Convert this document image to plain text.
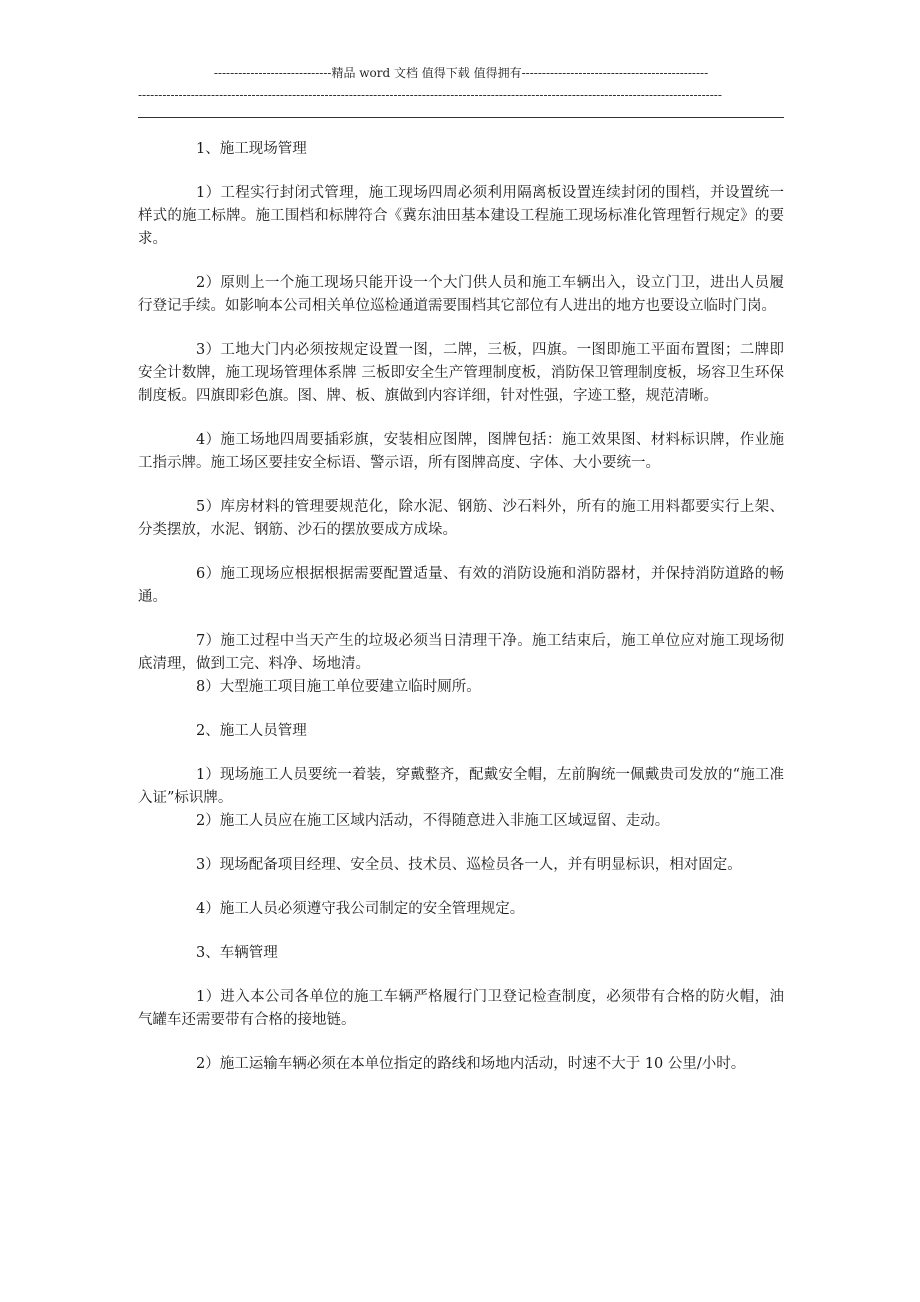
-----------------------------精品 word 文档 值得下载 值得拥有----------------------------------------------
------------------------------------------------------------------------------------------------------------------------------------------------
----

1、施工现场管理

1）工程实行封闭式管理，施工现场四周必须利用隔离板设置连续封闭的围档，并设置统一样式的施工标牌。施工围档和标牌符合《冀东油田基本建设工程施工现场标准化管理暂行规定》的要求。

2）原则上一个施工现场只能开设一个大门供人员和施工车辆出入，设立门卫，进出人员履行登记手续。如影响本公司相关单位巡检通道需要围档其它部位有人进出的地方也要设立临时门岗。

3）工地大门内必须按规定设置一图，二牌，三板，四旗。一图即施工平面布置图；二牌即安全计数牌，施工现场管理体系牌 三板即安全生产管理制度板，消防保卫管理制度板，场容卫生环保制度板。四旗即彩色旗。图、牌、板、旗做到内容详细，针对性强，字迹工整，规范清晰。

4）施工场地四周要插彩旗，安装相应图牌，图牌包括：施工效果图、材料标识牌，作业施工指示牌。施工场区要挂安全标语、警示语，所有图牌高度、字体、大小要统一。

5）库房材料的管理要规范化，除水泥、钢筋、沙石料外，所有的施工用料都要实行上架、分类摆放，水泥、钢筋、沙石的摆放要成方成垛。

6）施工现场应根据根据需要配置适量、有效的消防设施和消防器材，并保持消防道路的畅通。

7）施工过程中当天产生的垃圾必须当日清理干净。施工结束后，施工单位应对施工现场彻底清理，做到工完、料净、场地清。

8）大型施工项目施工单位要建立临时厕所。

2、施工人员管理

1）现场施工人员要统一着装，穿戴整齐，配戴安全帽，左前胸统一佩戴贵司发放的“施工准入证”标识牌。

2）施工人员应在施工区域内活动，不得随意进入非施工区域逗留、走动。

3）现场配备项目经理、安全员、技术员、巡检员各一人，并有明显标识，相对固定。

4）施工人员必须遵守我公司制定的安全管理规定。

3、车辆管理

1）进入本公司各单位的施工车辆严格履行门卫登记检查制度，必须带有合格的防火帽，油气罐车还需要带有合格的接地链。

2）施工运输车辆必须在本单位指定的路线和场地内活动，时速不大于 10 公里/小时。
